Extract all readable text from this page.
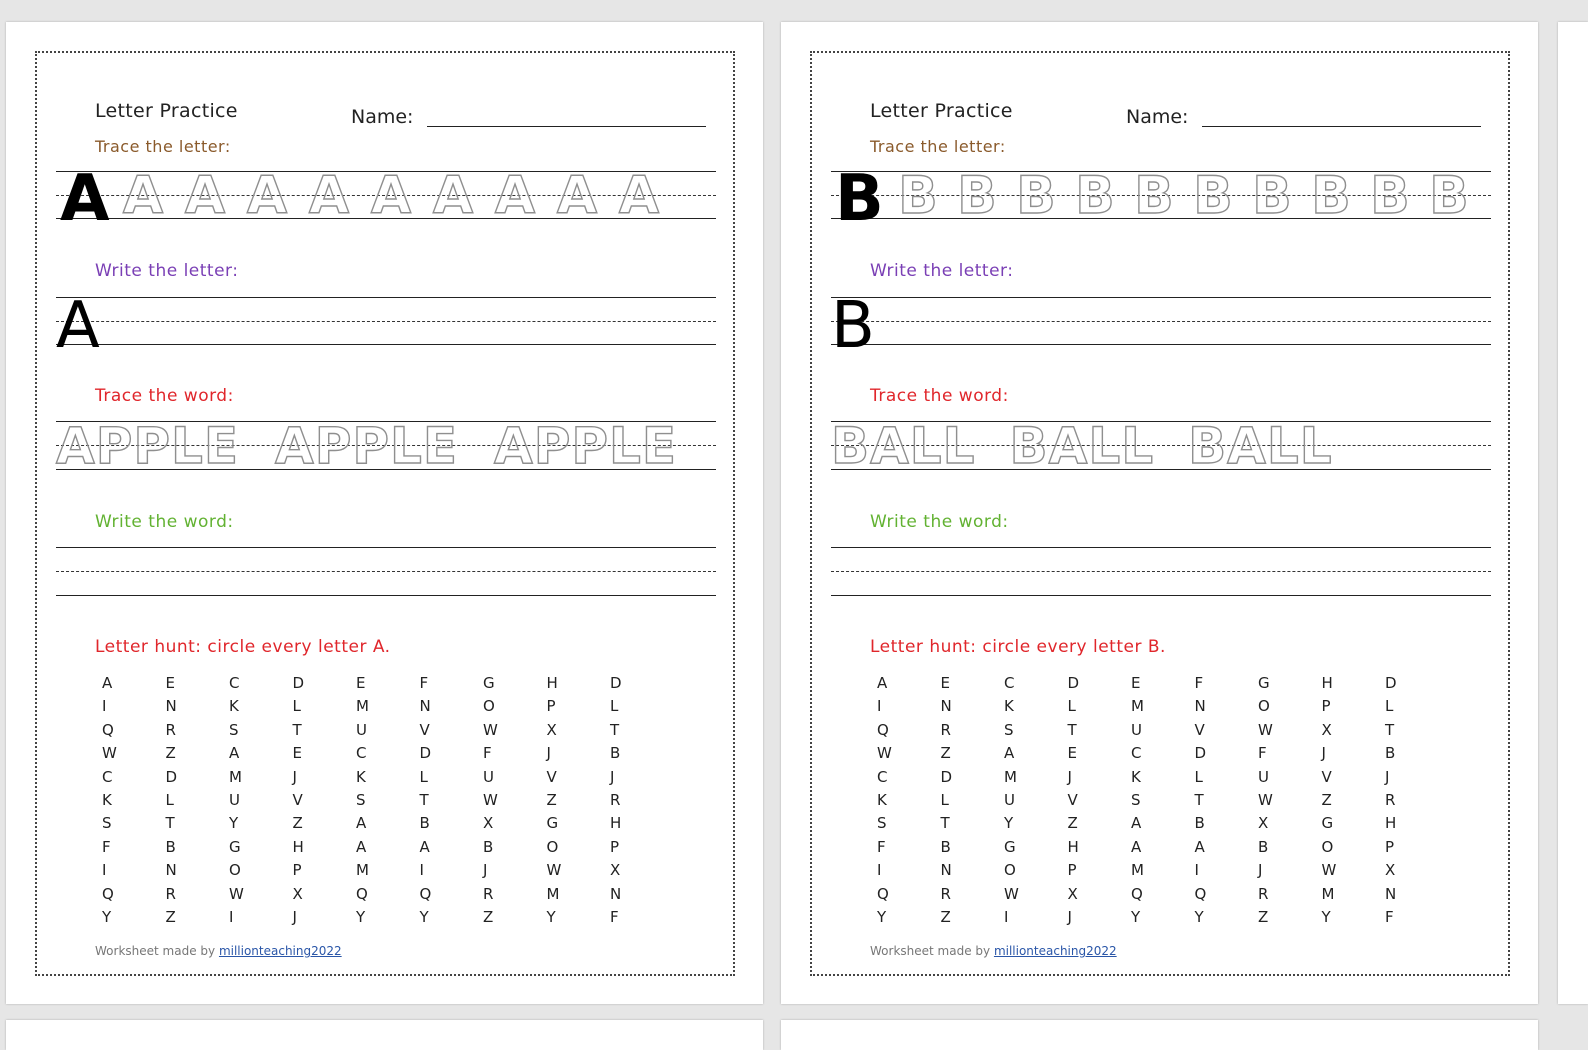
Letter Practice	Name:
Trace the letter:
A A A A A A A A A A
Write the letter:
A
Trace the word:
APPLE APPLE APPLE
Write the word:
Letter hunt: circle every letter A.
A	E	C	D	E	F	G	H	D
I	N	K	L	M	N	O	P	L
Q	R	S	T	U	V	W	X	T
W	Z	A	E	C	D	F	J	B
C	D	M	J	K	L	U	V	J
K	L	U	V	S	T	W	Z	R
S	T	Y	Z	A	B	X	G	H
F	B	G	H	A	A	B	O	P
I	N	O	P	M	I	J	W	X
Q	R	W	X	Q	Q	R	M	N
Y	Z	I	J	Y	Y	Z	Y	F
Worksheet made by millionteaching2022
Letter Practice	Name:
Trace the letter:
B B B B B B B B B B B
Write the letter:
B
Trace the word:
BALL BALL BALL
Write the word:
Letter hunt: circle every letter B.
A	E	C	D	E	F	G	H	D
I	N	K	L	M	N	O	P	L
Q	R	S	T	U	V	W	X	T
W	Z	A	E	C	D	F	J	B
C	D	M	J	K	L	U	V	J
K	L	U	V	S	T	W	Z	R
S	T	Y	Z	A	B	X	G	H
F	B	G	H	A	A	B	O	P
I	N	O	P	M	I	J	W	X
Q	R	W	X	Q	Q	R	M	N
Y	Z	I	J	Y	Y	Z	Y	F
Worksheet made by millionteaching2022
